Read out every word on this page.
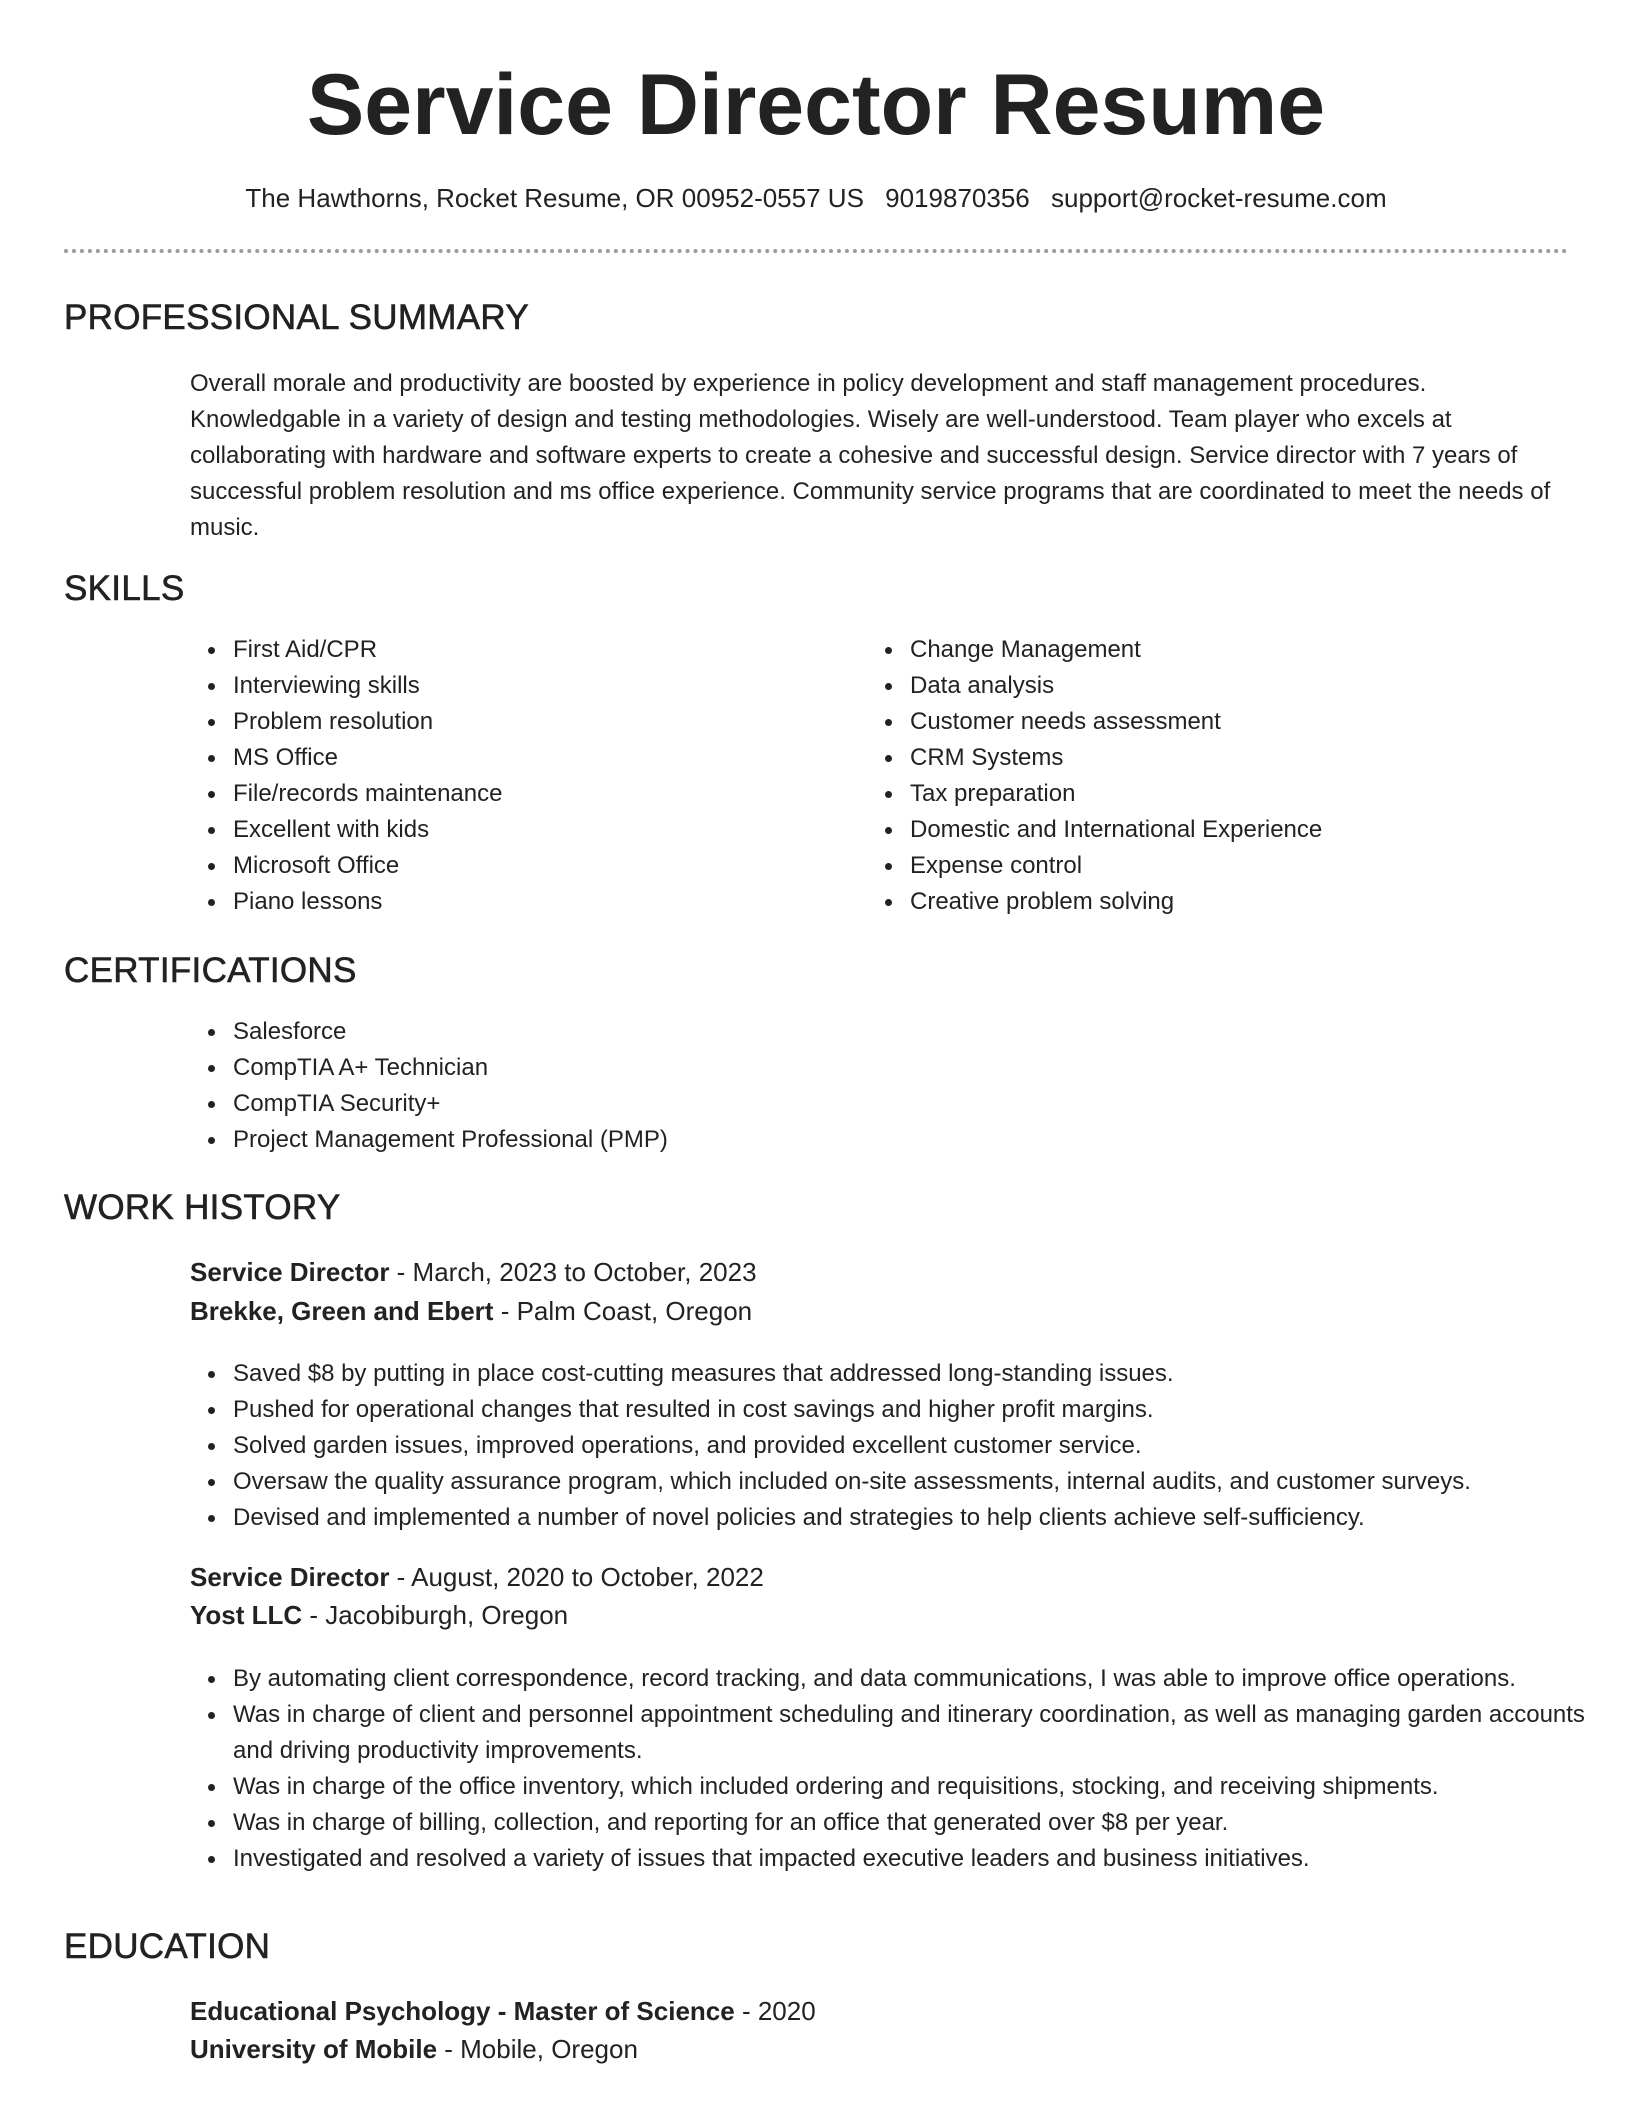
Service Director Resume
The Hawthorns, Rocket Resume, OR 00952-0557 US 9019870356 support@rocket-resume.com
PROFESSIONAL SUMMARY

Overall morale and productivity are boosted by experience in policy development and staff management procedures. Knowledgable in a variety of design and testing methodologies. Wisely are well-understood. Team player who excels at collaborating with hardware and software experts to create a cohesive and successful design. Service director with 7 years of successful problem resolution and ms office experience. Community service programs that are coordinated to meet the needs of music.

SKILLS
First Aid/CPR
Interviewing skills
Problem resolution
MS Office
File/records maintenance
Excellent with kids
Microsoft Office
Piano lessons
Change Management
Data analysis
Customer needs assessment
CRM Systems
Tax preparation
Domestic and International Experience
Expense control
Creative problem solving
CERTIFICATIONS
Salesforce
CompTIA A+ Technician
CompTIA Security+
Project Management Professional (PMP)
WORK HISTORY
Service Director - March, 2023 to October, 2023
Brekke, Green and Ebert - Palm Coast, Oregon
Saved $8 by putting in place cost-cutting measures that addressed long-standing issues.
Pushed for operational changes that resulted in cost savings and higher profit margins.
Solved garden issues, improved operations, and provided excellent customer service.
Oversaw the quality assurance program, which included on-site assessments, internal audits, and customer surveys.
Devised and implemented a number of novel policies and strategies to help clients achieve self-sufficiency.
Service Director - August, 2020 to October, 2022
Yost LLC - Jacobiburgh, Oregon
By automating client correspondence, record tracking, and data communications, I was able to improve office operations.
Was in charge of client and personnel appointment scheduling and itinerary coordination, as well as managing garden accounts and driving productivity improvements.
Was in charge of the office inventory, which included ordering and requisitions, stocking, and receiving shipments.
Was in charge of billing, collection, and reporting for an office that generated over $8 per year.
Investigated and resolved a variety of issues that impacted executive leaders and business initiatives.
EDUCATION
Educational Psychology - Master of Science - 2020
University of Mobile - Mobile, Oregon
